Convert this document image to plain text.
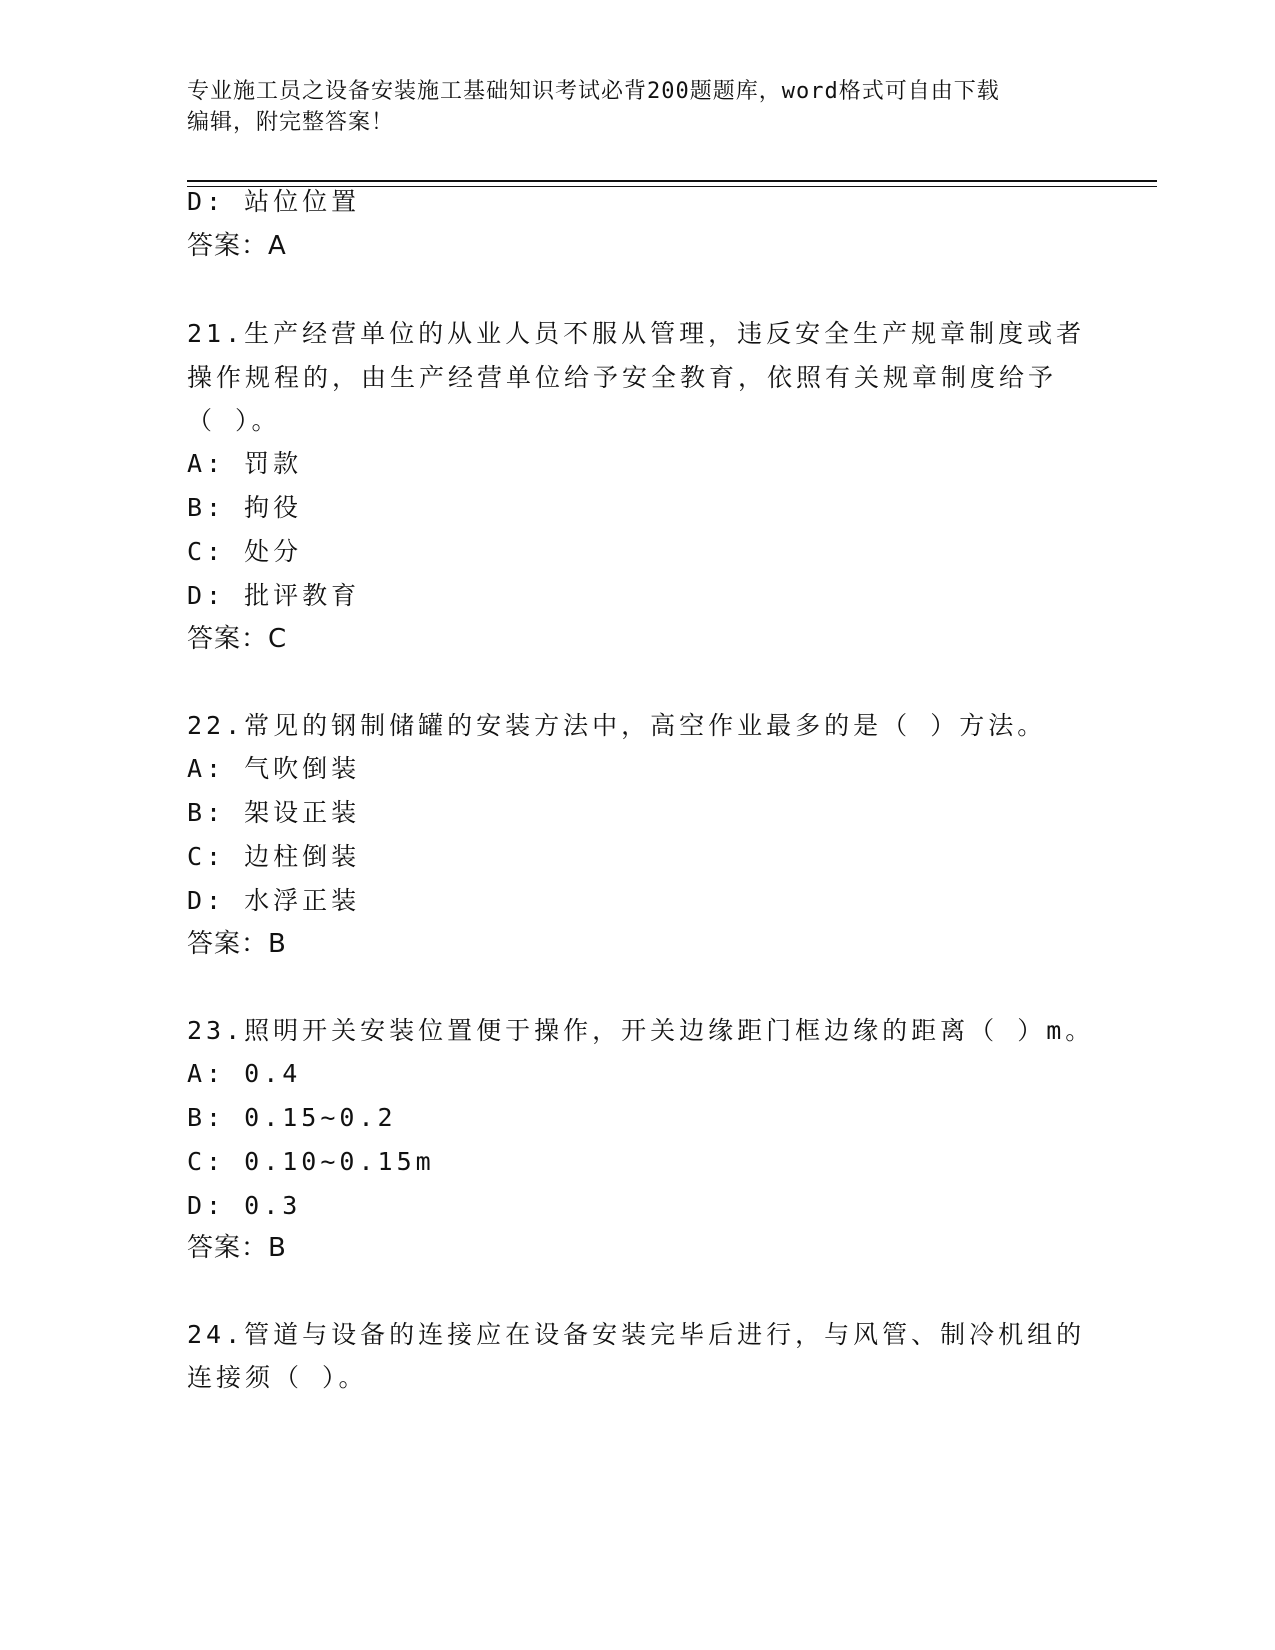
专业施工员之设备安装施工基础知识考试必背200题题库，word格式可自由下载
编辑，附完整答案！
D: 站位位置
答案：A
21.生产经营单位的从业人员不服从管理，违反安全生产规章制度或者
操作规程的，由生产经营单位给予安全教育，依照有关规章制度给予
（ ）。
A: 罚款
B: 拘役
C: 处分
D: 批评教育
答案：C
22.常见的钢制储罐的安装方法中，高空作业最多的是（ ）方法。
A: 气吹倒装
B: 架设正装
C: 边柱倒装
D: 水浮正装
答案：B
23.照明开关安装位置便于操作，开关边缘距门框边缘的距离（ ）m。
A: 0.4
B: 0.15~0.2
C: 0.10~0.15m
D: 0.3
答案：B
24.管道与设备的连接应在设备安装完毕后进行，与风管、制冷机组的
连接须（ ）。
